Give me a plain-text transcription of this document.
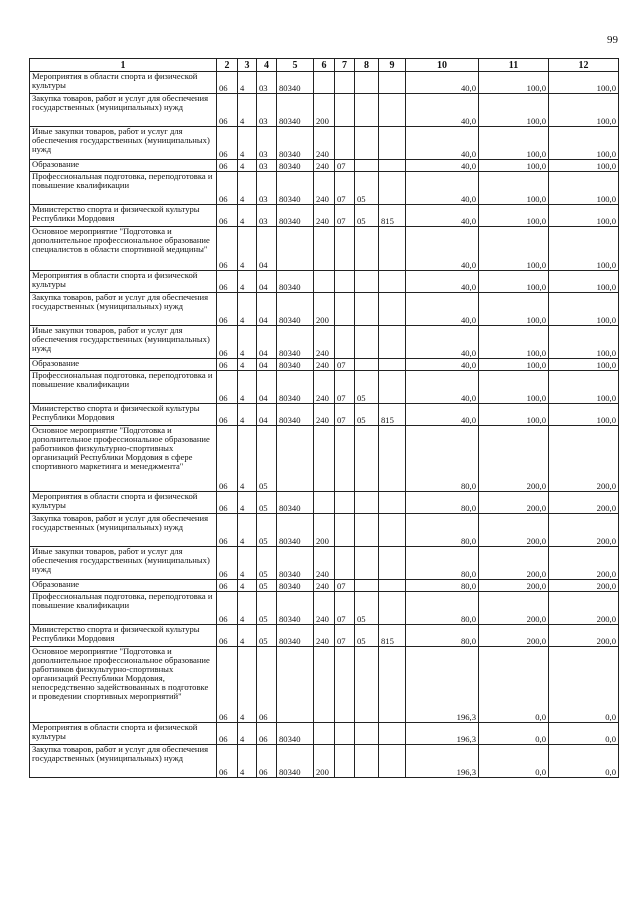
99
1	2	3	4	5	6	7	8	9	10	11	12
Мероприятия в области спорта и физической культуры	06	4	03	80340					40,0	100,0	100,0
Закупка товаров, работ и услуг для обеспечения государственных (муниципальных) нужд	06	4	03	80340	200				40,0	100,0	100,0
Иные закупки товаров, работ и услуг для обеспечения государственных (муниципальных) нужд	06	4	03	80340	240				40,0	100,0	100,0
Образование	06	4	03	80340	240	07			40,0	100,0	100,0
Профессиональная подготовка, переподготовка и повышение квалификации	06	4	03	80340	240	07	05		40,0	100,0	100,0
Министерство спорта и физической культуры Республики Мордовия	06	4	03	80340	240	07	05	815	40,0	100,0	100,0
Основное мероприятие "Подготовка и дополнительное профессиональное образование специалистов в области спортивной медицины"	06	4	04						40,0	100,0	100,0
Мероприятия в области спорта и физической культуры	06	4	04	80340					40,0	100,0	100,0
Закупка товаров, работ и услуг для обеспечения государственных (муниципальных) нужд	06	4	04	80340	200				40,0	100,0	100,0
Иные закупки товаров, работ и услуг для обеспечения государственных (муниципальных) нужд	06	4	04	80340	240				40,0	100,0	100,0
Образование	06	4	04	80340	240	07			40,0	100,0	100,0
Профессиональная подготовка, переподготовка и повышение квалификации	06	4	04	80340	240	07	05		40,0	100,0	100,0
Министерство спорта и физической культуры Республики Мордовия	06	4	04	80340	240	07	05	815	40,0	100,0	100,0
Основное мероприятие "Подготовка и дополнительное профессиональное образование работников физкультурно-спортивных организаций Республики Мордовия в сфере спортивного маркетинга и менеджмента"	06	4	05						80,0	200,0	200,0
Мероприятия в области спорта и физической культуры	06	4	05	80340					80,0	200,0	200,0
Закупка товаров, работ и услуг для обеспечения государственных (муниципальных) нужд	06	4	05	80340	200				80,0	200,0	200,0
Иные закупки товаров, работ и услуг для обеспечения государственных (муниципальных) нужд	06	4	05	80340	240				80,0	200,0	200,0
Образование	06	4	05	80340	240	07			80,0	200,0	200,0
Профессиональная подготовка, переподготовка и повышение квалификации	06	4	05	80340	240	07	05		80,0	200,0	200,0
Министерство спорта и физической культуры Республики Мордовия	06	4	05	80340	240	07	05	815	80,0	200,0	200,0
Основное мероприятие "Подготовка и дополнительное профессиональное образование работников физкультурно-спортивных организаций Республики Мордовия, непосредственно задействованных в подготовке и проведении спортивных мероприятий"	06	4	06						196,3	0,0	0,0
Мероприятия в области спорта и физической культуры	06	4	06	80340					196,3	0,0	0,0
Закупка товаров, работ и услуг для обеспечения государственных (муниципальных) нужд	06	4	06	80340	200				196,3	0,0	0,0
